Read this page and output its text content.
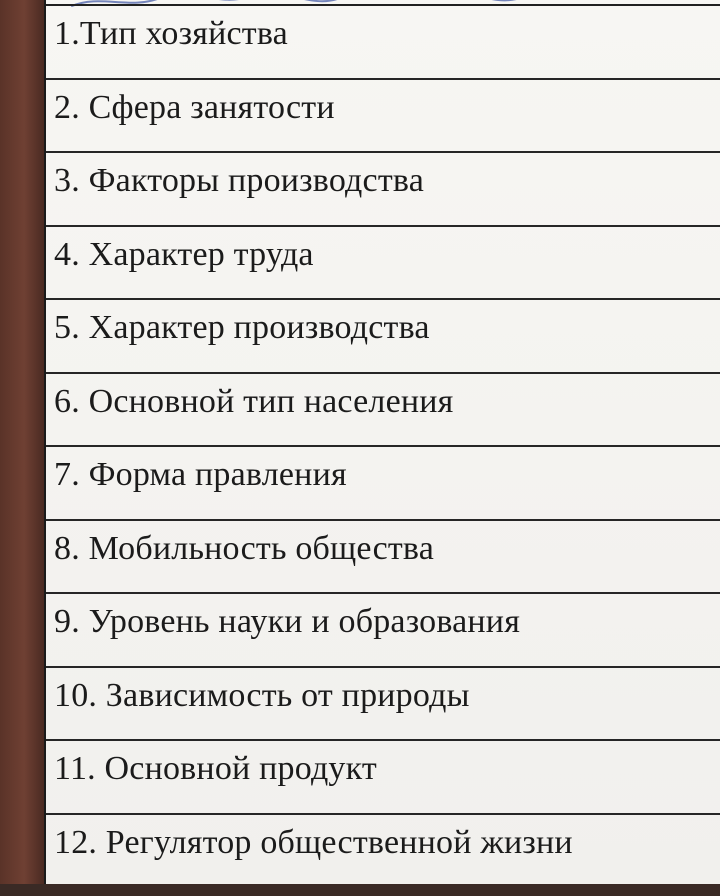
1.Тип хозяйства
2. Сфера занятости
3. Факторы производства
4. Характер труда
5. Характер производства
6. Основной тип населения
7. Форма правления
8. Мобильность общества
9. Уровень науки и образования
10. Зависимость от природы
11. Основной продукт
12. Регулятор общественной жизни
